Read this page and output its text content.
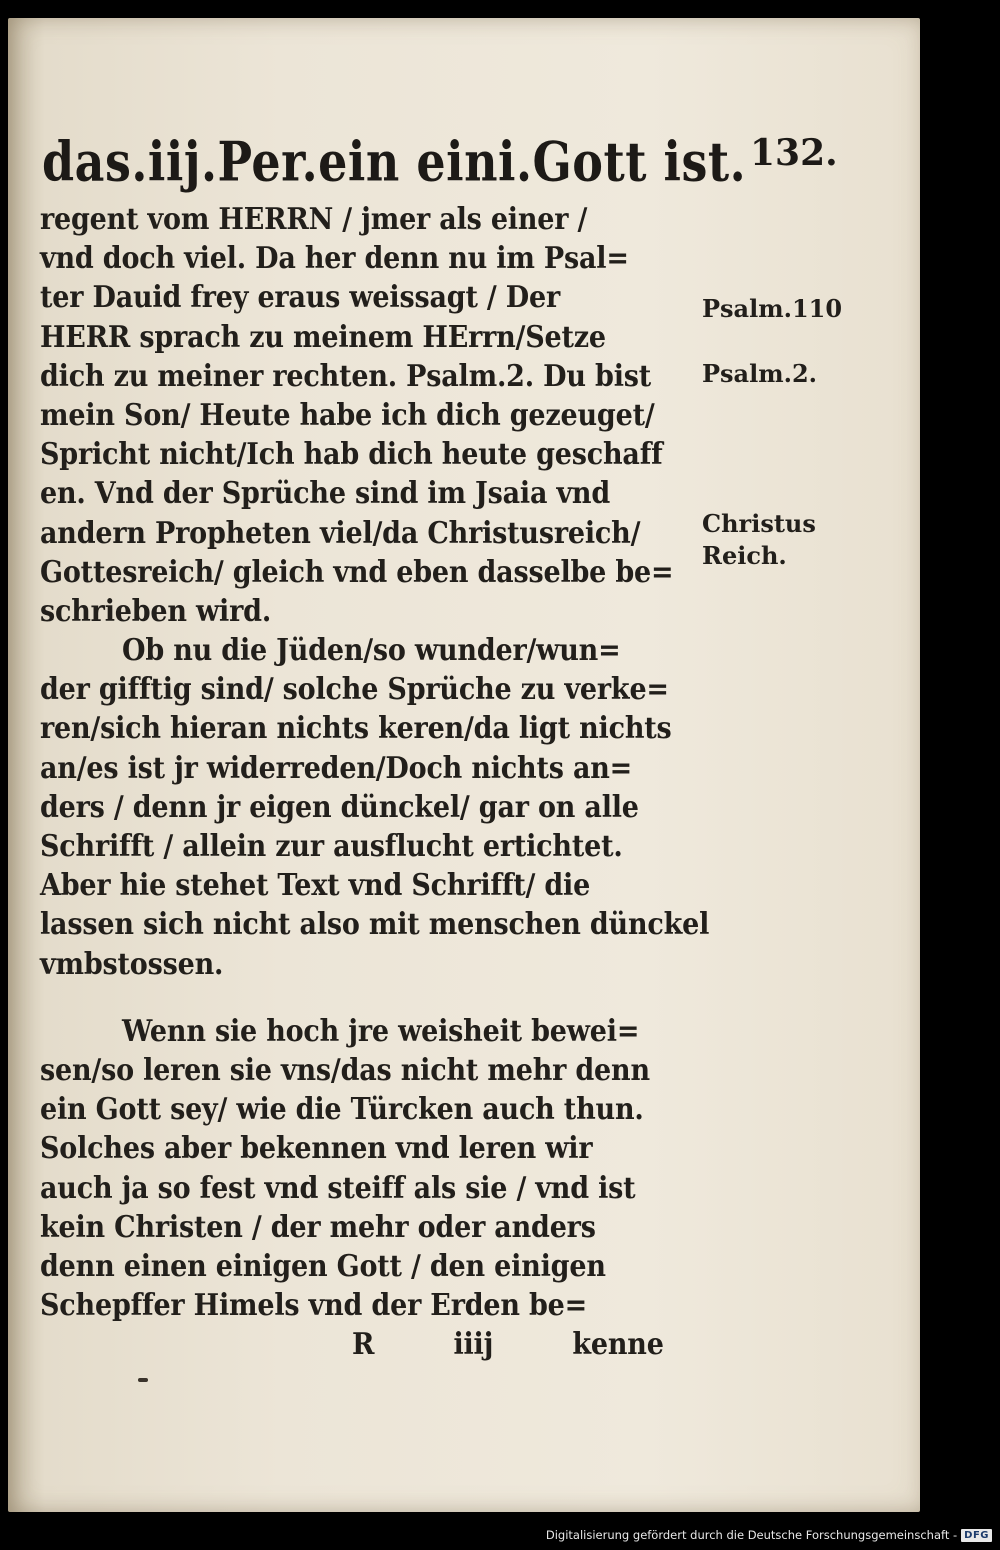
das.iij.Per.ein eini.Gott ist. 132.
regent vom HERRN / jmer als einer /
vnd doch viel. Da her denn nu im Psal=
ter Dauid frey eraus weissagt / Der
HERR sprach zu meinem HErrn/Setze
dich zu meiner rechten. Psalm.2. Du bist
mein Son/ Heute habe ich dich gezeuget/
Spricht nicht/Ich hab dich heute geschaff
en. Vnd der Sprüche sind im Jsaia vnd
andern Propheten viel/da Christusreich/
Gottesreich/ gleich vnd eben dasselbe be=
schrieben wird.
Ob nu die Jüden/so wunder/wun=
der gifftig sind/ solche Sprüche zu verke=
ren/sich hieran nichts keren/da ligt nichts
an/es ist jr widerreden/Doch nichts an=
ders / denn jr eigen dünckel/ gar on alle
Schrifft / allein zur ausflucht ertichtet.
Aber hie stehet Text vnd Schrifft/ die
lassen sich nicht also mit menschen dünckel
vmbstossen.
Wenn sie hoch jre weisheit bewei=
sen/so leren sie vns/das nicht mehr denn
ein Gott sey/ wie die Türcken auch thun.
Solches aber bekennen vnd leren wir
auch ja so fest vnd steiff als sie / vnd ist
kein Christen / der mehr oder anders
denn einen einigen Gott / den einigen
Schepffer Himels vnd der Erden be=
R iiij kenne
Psalm.110
Psalm.2.
Christus
Reich.
Digitalisierung gefördert durch die Deutsche Forschungsgemeinschaft - DFG
